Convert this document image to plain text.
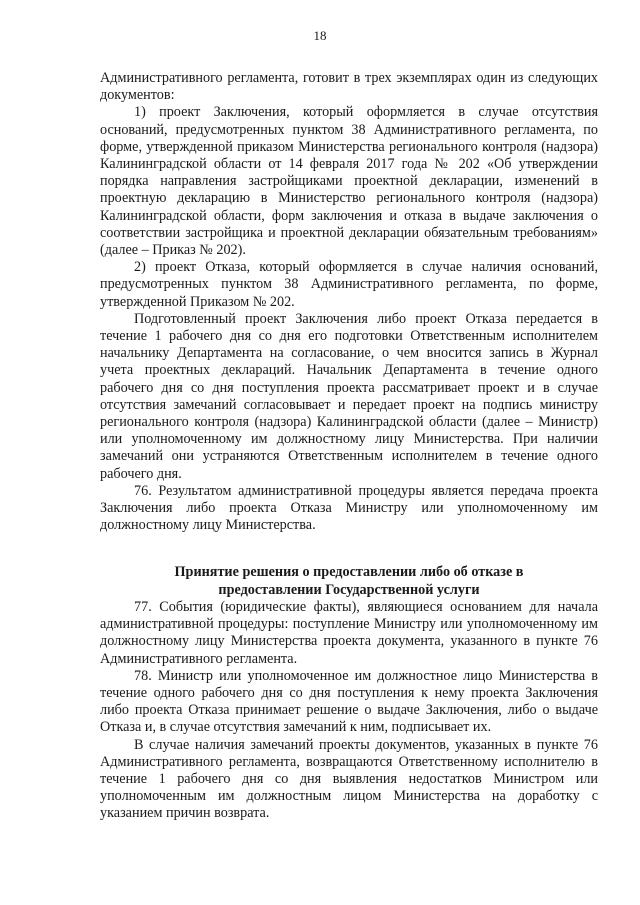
18

Административного регламента, готовит в трех экземплярах один из следующих документов:

1) проект Заключения, который оформляется в случае отсутствия оснований, предусмотренных пунктом 38 Административного регламента, по форме, утвержденной приказом Министерства регионального контроля (надзора) Калининградской области от 14 февраля 2017 года № 202 «Об утверждении порядка направления застройщиками проектной декларации, изменений в проектную декларацию в Министерство регионального контроля (надзора) Калининградской области, форм заключения и отказа в выдаче заключения о соответствии застройщика и проектной декларации обязательным требованиям» (далее – Приказ № 202).

2) проект Отказа, который оформляется в случае наличия оснований, предусмотренных пунктом 38 Административного регламента, по форме, утвержденной Приказом № 202.

Подготовленный проект Заключения либо проект Отказа передается в течение 1 рабочего дня со дня его подготовки Ответственным исполнителем начальнику Департамента на согласование, о чем вносится запись в Журнал учета проектных деклараций. Начальник Департамента в течение одного рабочего дня со дня поступления проекта рассматривает проект и в случае отсутствия замечаний согласовывает и передает проект на подпись министру регионального контроля (надзора) Калининградской области (далее – Министр) или уполномоченному им должностному лицу Министерства. При наличии замечаний они устраняются Ответственным исполнителем в течение одного рабочего дня.

76. Результатом административной процедуры является передача проекта Заключения либо проекта Отказа Министру или уполномоченному им должностному лицу Министерства.

Принятие решения о предоставлении либо об отказе в
предоставлении Государственной услуги

77. События (юридические факты), являющиеся основанием для начала административной процедуры: поступление Министру или уполномоченному им должностному лицу Министерства проекта документа, указанного в пункте 76 Административного регламента.

78. Министр или уполномоченное им должностное лицо Министерства в течение одного рабочего дня со дня поступления к нему проекта Заключения либо проекта Отказа принимает решение о выдаче Заключения, либо о выдаче Отказа и, в случае отсутствия замечаний к ним, подписывает их.

В случае наличия замечаний проекты документов, указанных в пункте 76 Административного регламента, возвращаются Ответственному исполнителю в течение 1 рабочего дня со дня выявления недостатков Министром или уполномоченным им должностным лицом Министерства на доработку с указанием причин возврата.
